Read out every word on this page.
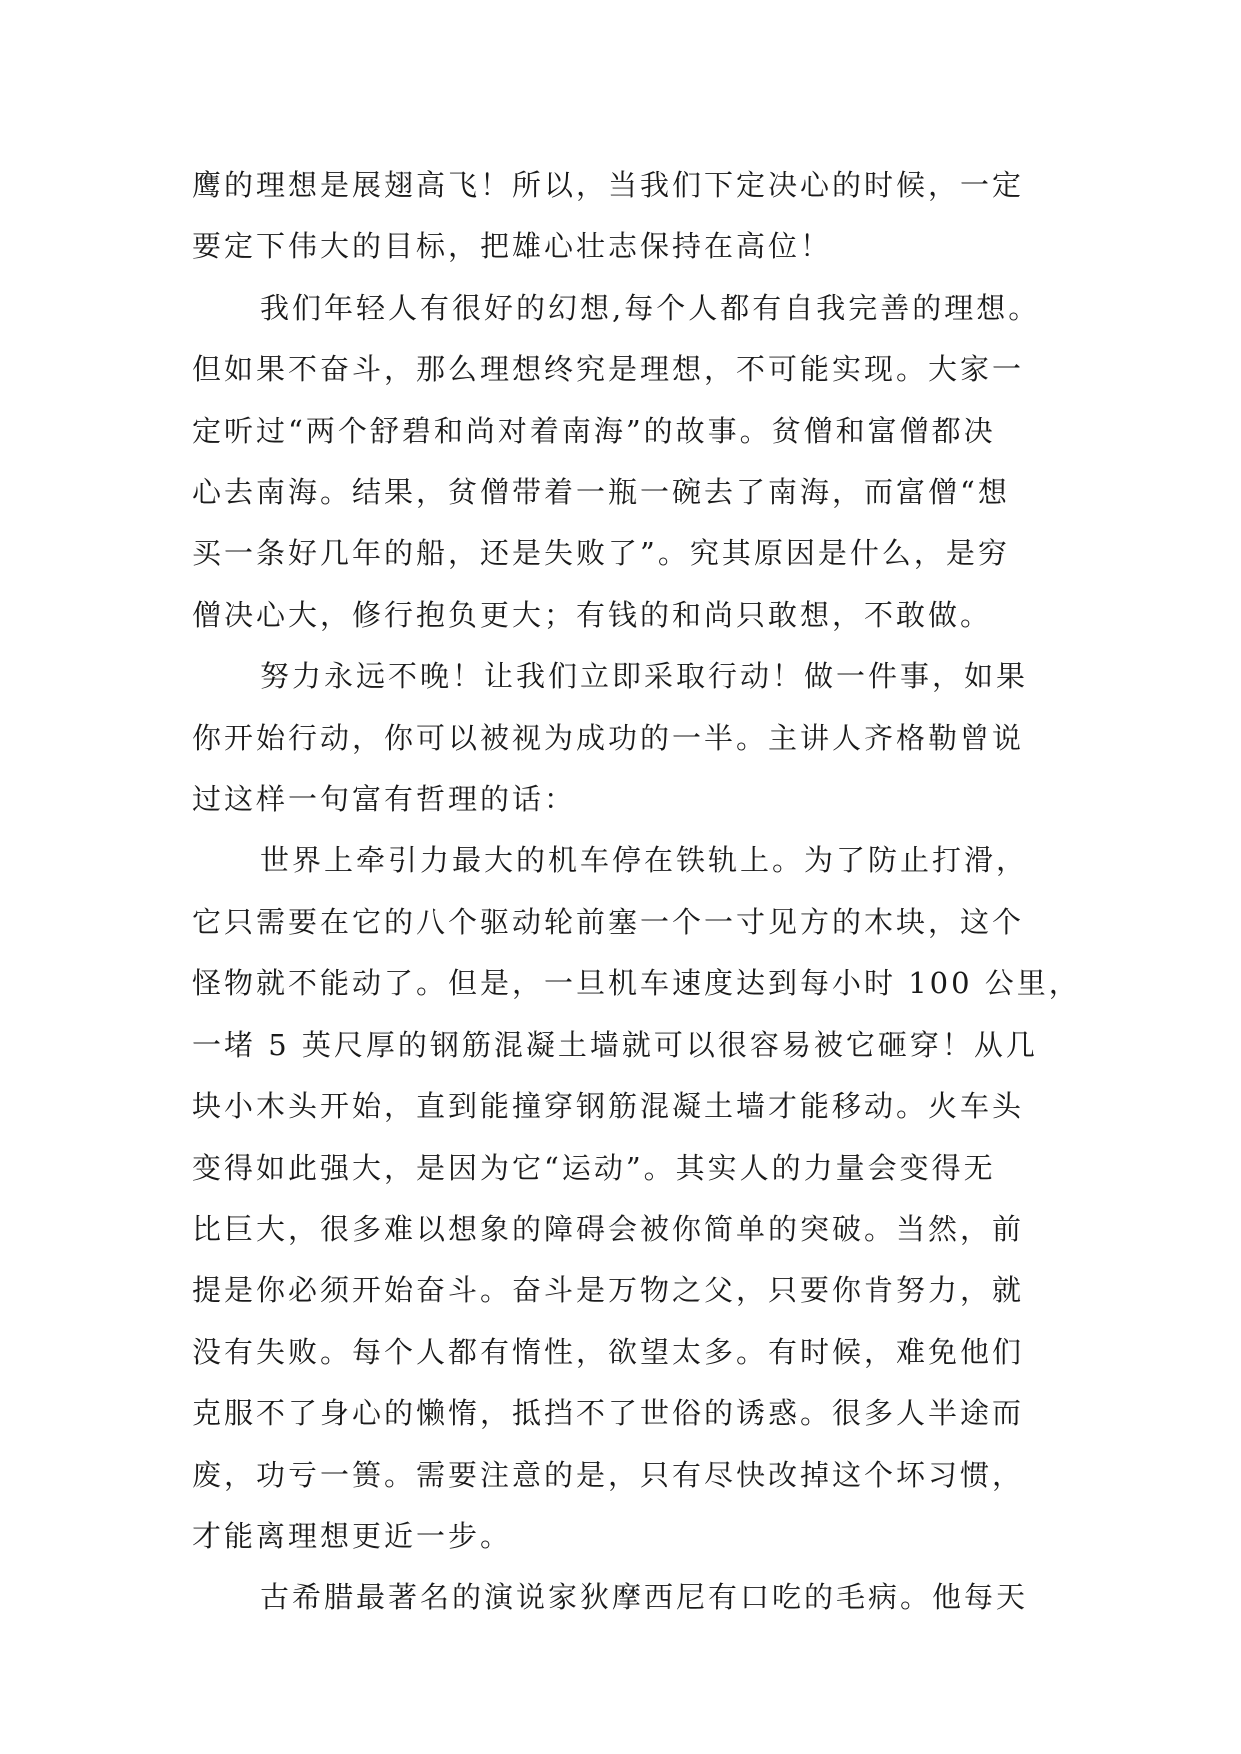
鹰的理想是展翅高飞！所以，当我们下定决心的时候，一定
要定下伟大的目标，把雄心壮志保持在高位！
我们年轻人有很好的幻想,每个人都有自我完善的理想。
但如果不奋斗，那么理想终究是理想，不可能实现。大家一
定听过“两个舒碧和尚对着南海”的故事。贫僧和富僧都决
心去南海。结果，贫僧带着一瓶一碗去了南海，而富僧“想
买一条好几年的船，还是失败了”。究其原因是什么，是穷
僧决心大，修行抱负更大；有钱的和尚只敢想，不敢做。
努力永远不晚！让我们立即采取行动！做一件事，如果
你开始行动，你可以被视为成功的一半。主讲人齐格勒曾说
过这样一句富有哲理的话：
世界上牵引力最大的机车停在铁轨上。为了防止打滑，
它只需要在它的八个驱动轮前塞一个一寸见方的木块，这个
怪物就不能动了。但是，一旦机车速度达到每小时 100 公里，
一堵 5 英尺厚的钢筋混凝土墙就可以很容易被它砸穿！从几
块小木头开始，直到能撞穿钢筋混凝土墙才能移动。火车头
变得如此强大，是因为它“运动”。其实人的力量会变得无
比巨大，很多难以想象的障碍会被你简单的突破。当然，前
提是你必须开始奋斗。奋斗是万物之父，只要你肯努力，就
没有失败。每个人都有惰性，欲望太多。有时候，难免他们
克服不了身心的懒惰，抵挡不了世俗的诱惑。很多人半途而
废，功亏一篑。需要注意的是，只有尽快改掉这个坏习惯，
才能离理想更近一步。
古希腊最著名的演说家狄摩西尼有口吃的毛病。他每天
